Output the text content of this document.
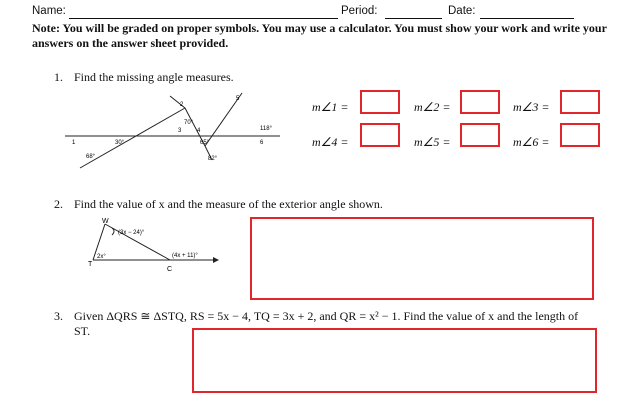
Name:	Period:	Date:
Note: You will be graded on proper symbols. You may use a calculator. You must show your work and write your answers on the answer sheet provided.
1. Find the missing angle measures.
2
5
3	4
1	6
70°
118°
30°	65°
68°	82°
m∠1 =	m∠2 =	m∠3 =
m∠4 =	m∠5 =	m∠6 =
2. Find the value of x and the measure of the exterior angle shown.
W
T
C
(3x − 24)°
2x°	(4x + 11)°
3. Given ΔQRS ≅ ΔSTQ, RS = 5x − 4, TQ = 3x + 2, and QR = x² − 1. Find the value of x and the length of ST.
